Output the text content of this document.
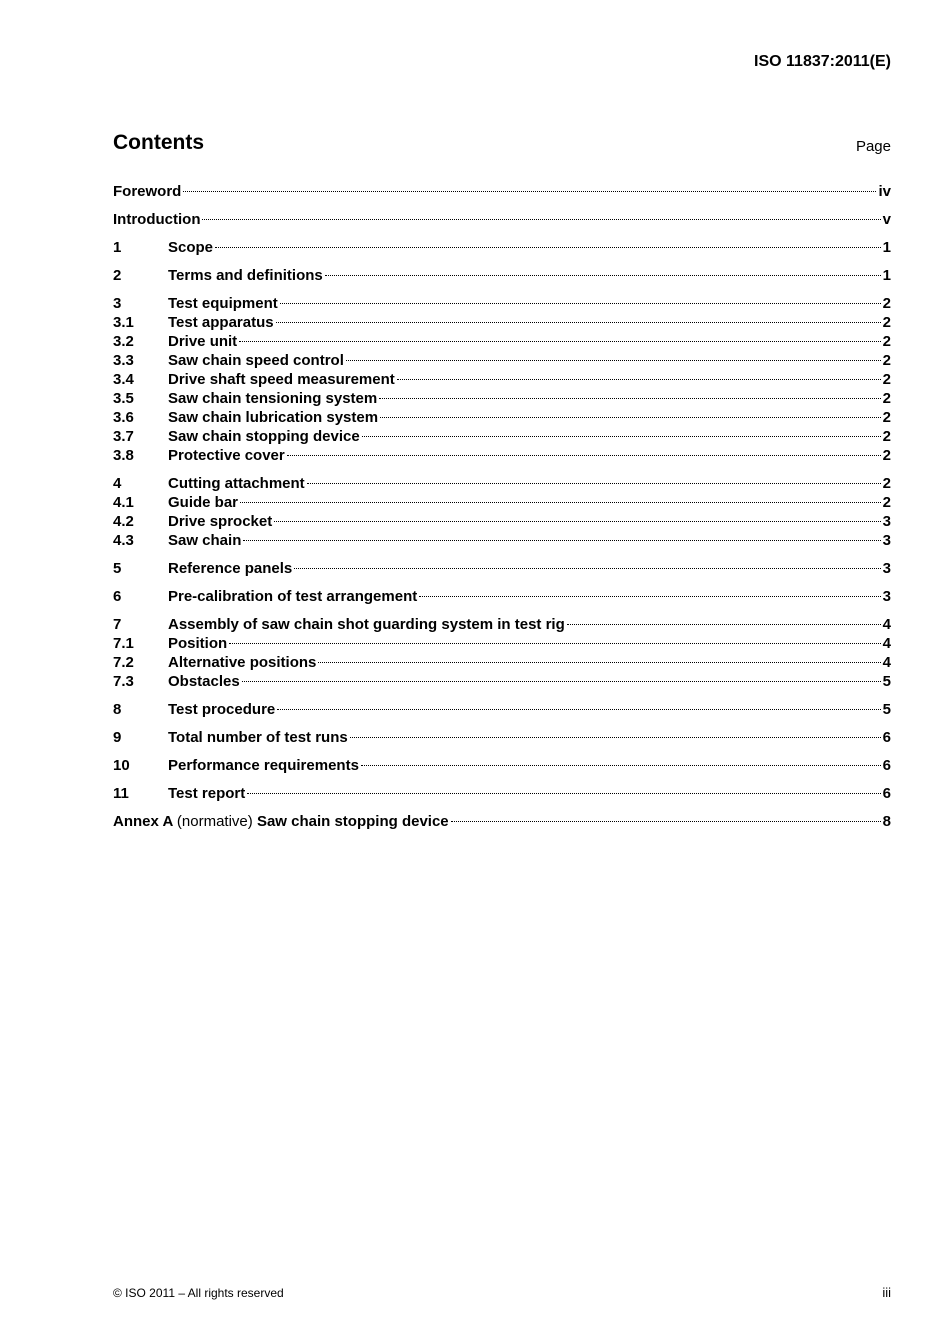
ISO 11837:2011(E)
Contents	Page
Foreword	iv
Introduction	v
1	Scope	1
2	Terms and definitions	1
3	Test equipment	2
3.1	Test apparatus	2
3.2	Drive unit	2
3.3	Saw chain speed control	2
3.4	Drive shaft speed measurement	2
3.5	Saw chain tensioning system	2
3.6	Saw chain lubrication system	2
3.7	Saw chain stopping device	2
3.8	Protective cover	2
4	Cutting attachment	2
4.1	Guide bar	2
4.2	Drive sprocket	3
4.3	Saw chain	3
5	Reference panels	3
6	Pre-calibration of test arrangement	3
7	Assembly of saw chain shot guarding system in test rig	4
7.1	Position	4
7.2	Alternative positions	4
7.3	Obstacles	5
8	Test procedure	5
9	Total number of test runs	6
10	Performance requirements	6
11	Test report	6
Annex A (normative) Saw chain stopping device	8
© ISO 2011 – All rights reserved	iii
